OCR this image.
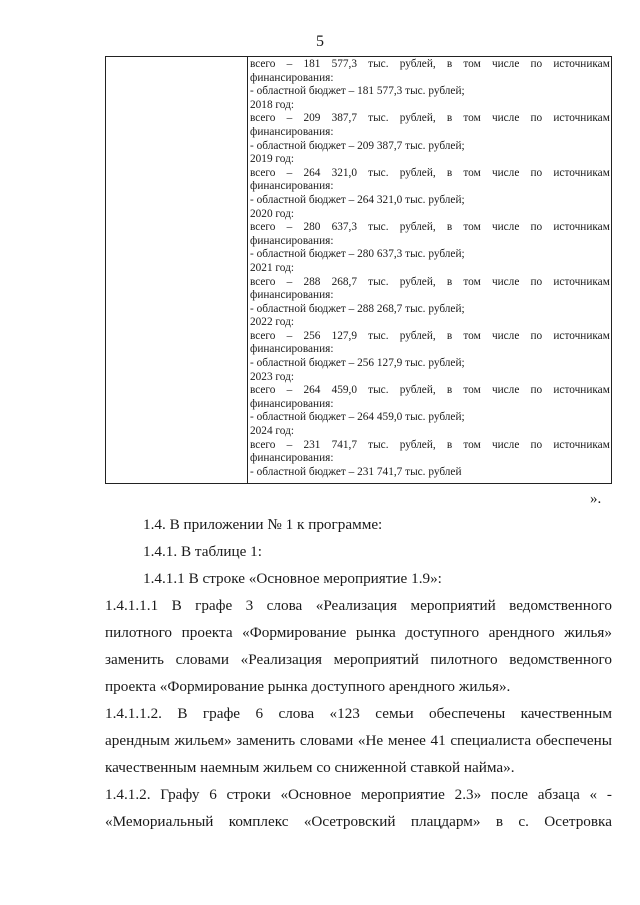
5
всего – 181 577,3 тыс. рублей, в том числе по источникам
финансирования:
- областной бюджет – 181 577,3 тыс. рублей;
2018 год:
всего – 209 387,7 тыс. рублей, в том числе по источникам
финансирования:
- областной бюджет – 209 387,7 тыс. рублей;
2019 год:
всего – 264 321,0 тыс. рублей, в том числе по источникам
финансирования:
- областной бюджет – 264 321,0 тыс. рублей;
2020 год:
всего – 280 637,3 тыс. рублей, в том числе по источникам
финансирования:
- областной бюджет – 280 637,3 тыс. рублей;
2021 год:
всего – 288 268,7 тыс. рублей, в том числе по источникам
финансирования:
- областной бюджет – 288 268,7 тыс. рублей;
2022 год:
всего – 256 127,9 тыс. рублей, в том числе по источникам
финансирования:
- областной бюджет – 256 127,9 тыс. рублей;
2023 год:
всего – 264 459,0 тыс. рублей, в том числе по источникам
финансирования:
- областной бюджет – 264 459,0 тыс. рублей;
2024 год:
всего – 231 741,7 тыс. рублей, в том числе по источникам
финансирования:
- областной бюджет – 231 741,7 тыс. рублей
».
1.4. В приложении № 1 к программе:
1.4.1. В таблице 1:
1.4.1.1 В строке «Основное мероприятие 1.9»:
1.4.1.1.1 В графе 3 слова «Реализация мероприятий ведомственного
пилотного проекта «Формирование рынка доступного арендного жилья»
заменить словами «Реализация мероприятий пилотного ведомственного
проекта «Формирование рынка доступного арендного жилья».
1.4.1.1.2. В графе 6 слова «123 семьи обеспечены качественным
арендным жильем» заменить словами «Не менее 41 специалиста обеспечены
качественным наемным жильем со сниженной ставкой найма».
1.4.1.2. Графу 6 строки «Основное мероприятие 2.3» после абзаца « -
«Мемориальный комплекс «Осетровский плацдарм» в с. Осетровка
